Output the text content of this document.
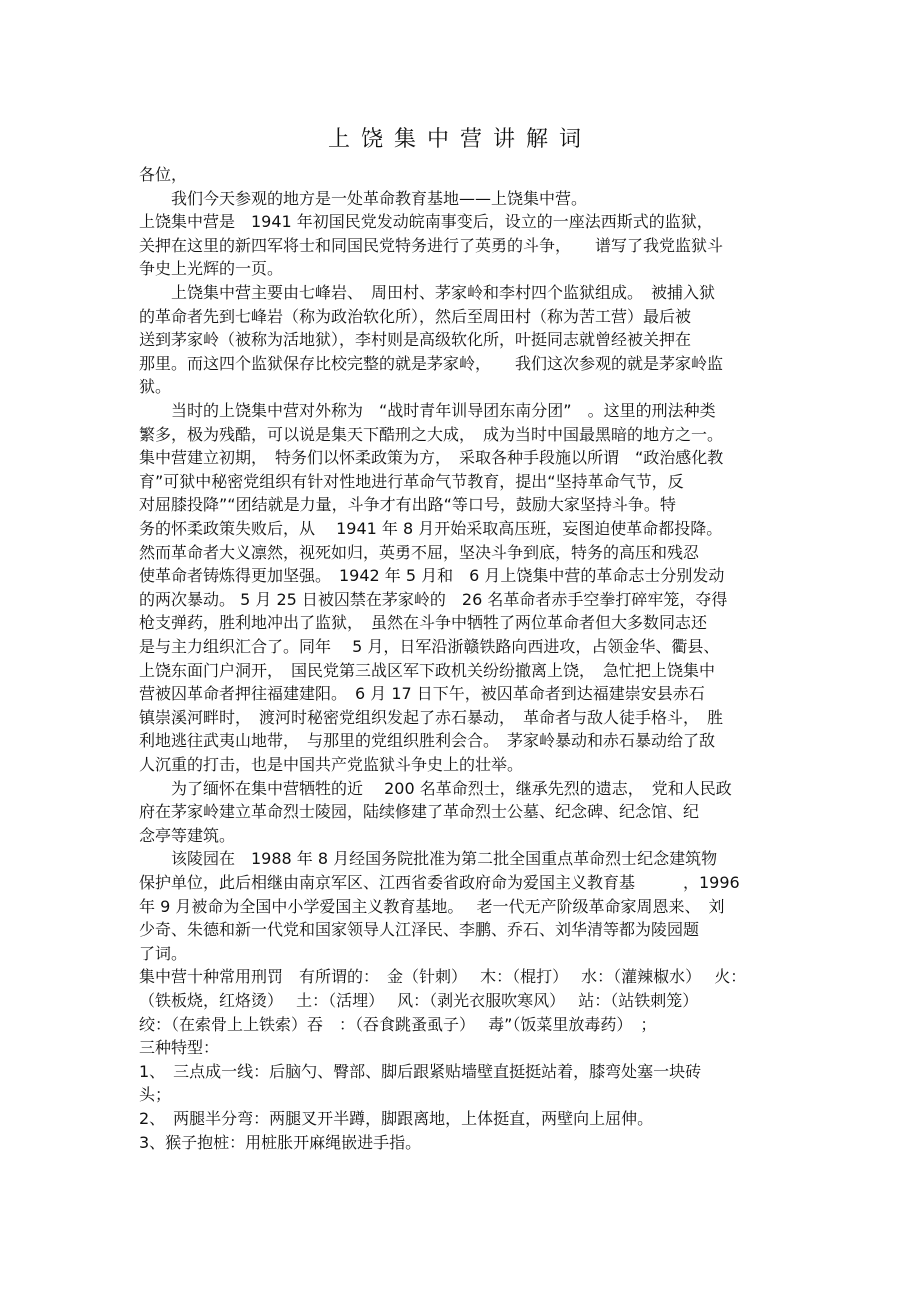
上饶集中营讲解词
各位，
　　我们今天参观的地方是一处革命教育基地——上饶集中营。
上饶集中营是　1941 年初国民党发动皖南事变后，设立的一座法西斯式的监狱，
关押在这里的新四军将士和同国民党特务进行了英勇的斗争，　　谱写了我党监狱斗
争史上光辉的一页。
　　上饶集中营主要由七峰岩、　周田村、茅家岭和李村四个监狱组成。　被捕入狱
的革命者先到七峰岩（称为政治软化所），然后至周田村（称为苦工营）最后被
送到茅家岭（被称为活地狱），李村则是高级软化所，叶挺同志就曾经被关押在
那里。而这四个监狱保存比校完整的就是茅家岭，　　我们这次参观的就是茅家岭监
狱。
　　当时的上饶集中营对外称为　“战时青年训导团东南分团”　。这里的刑法种类
繁多，极为残酷，可以说是集天下酷刑之大成，　成为当时中国最黑暗的地方之一。
集中营建立初期，　特务们以怀柔政策为方，　采取各种手段施以所谓　“政治感化教
育”可狱中秘密党组织有针对性地进行革命气节教育，提出“坚持革命气节，反
对屈膝投降”“团结就是力量，斗争才有出路“等口号，鼓励大家坚持斗争。特
务的怀柔政策失败后，从　 1941 年 8 月开始采取高压班，妄图迫使革命都投降。
然而革命者大义凛然，视死如归，英勇不屈，坚决斗争到底，特务的高压和残忍
使革命者铸炼得更加坚强。　1942 年 5 月和　6 月上饶集中营的革命志士分别发动
的两次暴动。 5 月 25 日被囚禁在茅家岭的　26 名革命者赤手空拳打碎牢笼，夺得
枪支弹药，胜利地冲出了监狱，　虽然在斗争中牺牲了两位革命者但大多数同志还
是与主力组织汇合了。同年　 5 月，日军沿浙赣铁路向西进攻，占领金华、衢县、
上饶东面门户洞开，　国民党第三战区军下政机关纷纷撤离上饶，　急忙把上饶集中
营被囚革命者押往福建建阳。　6 月 17 日下午，被囚革命者到达福建崇安县赤石
镇崇溪河畔时，　渡河时秘密党组织发起了赤石暴动，　革命者与敌人徒手格斗，　胜
利地逃往武夷山地带，　与那里的党组织胜利会合。　茅家岭暴动和赤石暴动给了敌
人沉重的打击，也是中国共产党监狱斗争史上的壮举。
　　为了缅怀在集中营牺牲的近　 200 名革命烈士，继承先烈的遗志，　党和人民政
府在茅家岭建立革命烈士陵园，陆续修建了革命烈士公墓、纪念碑、纪念馆、纪
念亭等建筑。
　　该陵园在　1988 年 8 月经国务院批准为第二批全国重点革命烈士纪念建筑物
保护单位，此后相继由南京军区、江西省委省政府命为爱国主义教育基　　　，1996
年 9 月被命为全国中小学爱国主义教育基地。　 老一代无产阶级革命家周恩来、　刘
少奇、朱德和新一代党和国家领导人江泽民、李鹏、乔石、刘华清等都为陵园题
了词。
集中营十种常用刑罚　有所谓的：　金（针刺）　 木：（棍打）　 水：（灌辣椒水）　 火：
（铁板烧，红烙烫）　 土：（活埋）　 风：（剥光衣服吹寒风）　 站：（站铁刺笼）
绞：（在索骨上上铁索）吞　：（吞食跳蚤虱子）　 毒”（饭菜里放毒药）　；
三种特型：
1、　三点成一线：后脑勺、臀部、脚后跟紧贴墙壁直挺挺站着，膝弯处塞一块砖
头；
2、　两腿半分弯：两腿叉开半蹲，脚跟离地，上体挺直，两壁向上屈伸。
3、猴子抱桩：用桩胀开麻绳嵌进手指。
